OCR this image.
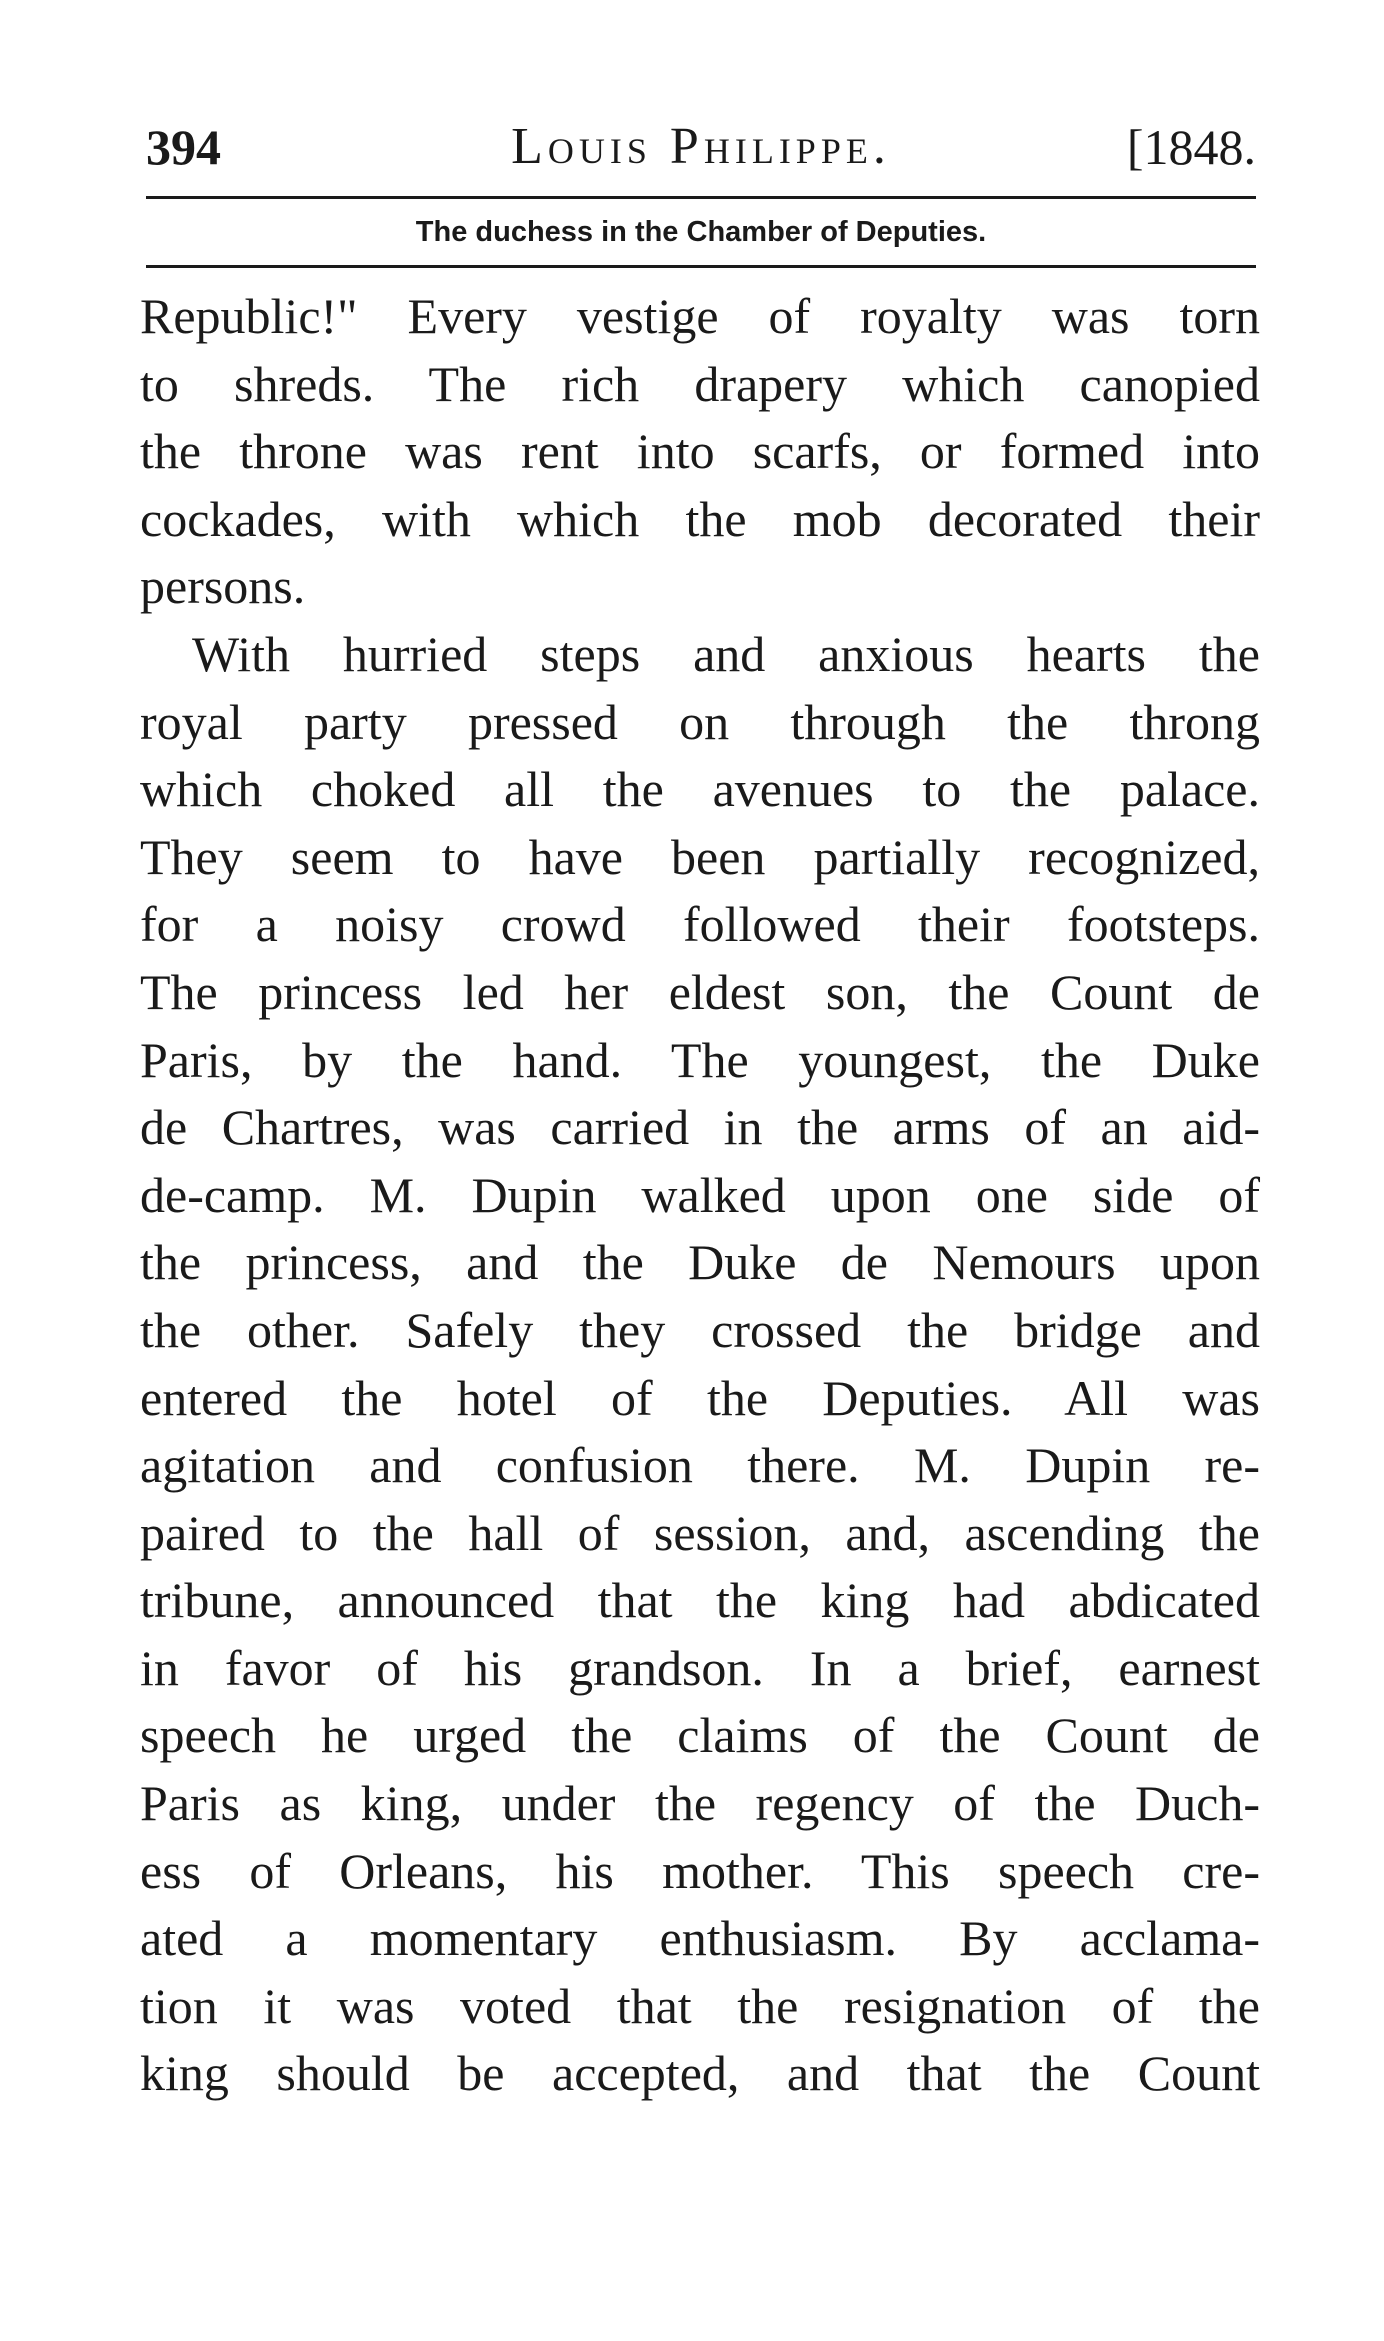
394	Louis Philippe.	[1848.
The duchess in the Chamber of Deputies.
Republic!" Every vestige of royalty was torn
to shreds. The rich drapery which canopied
the throne was rent into scarfs, or formed into
cockades, with which the mob decorated their
persons.
With hurried steps and anxious hearts the
royal party pressed on through the throng
which choked all the avenues to the palace.
They seem to have been partially recognized,
for a noisy crowd followed their footsteps.
The princess led her eldest son, the Count de
Paris, by the hand. The youngest, the Duke
de Chartres, was carried in the arms of an aid-
de-camp. M. Dupin walked upon one side of
the princess, and the Duke de Nemours upon
the other. Safely they crossed the bridge and
entered the hotel of the Deputies. All was
agitation and confusion there. M. Dupin re-
paired to the hall of session, and, ascending the
tribune, announced that the king had abdicated
in favor of his grandson. In a brief, earnest
speech he urged the claims of the Count de
Paris as king, under the regency of the Duch-
ess of Orleans, his mother. This speech cre-
ated a momentary enthusiasm. By acclama-
tion it was voted that the resignation of the
king should be accepted, and that the Count
